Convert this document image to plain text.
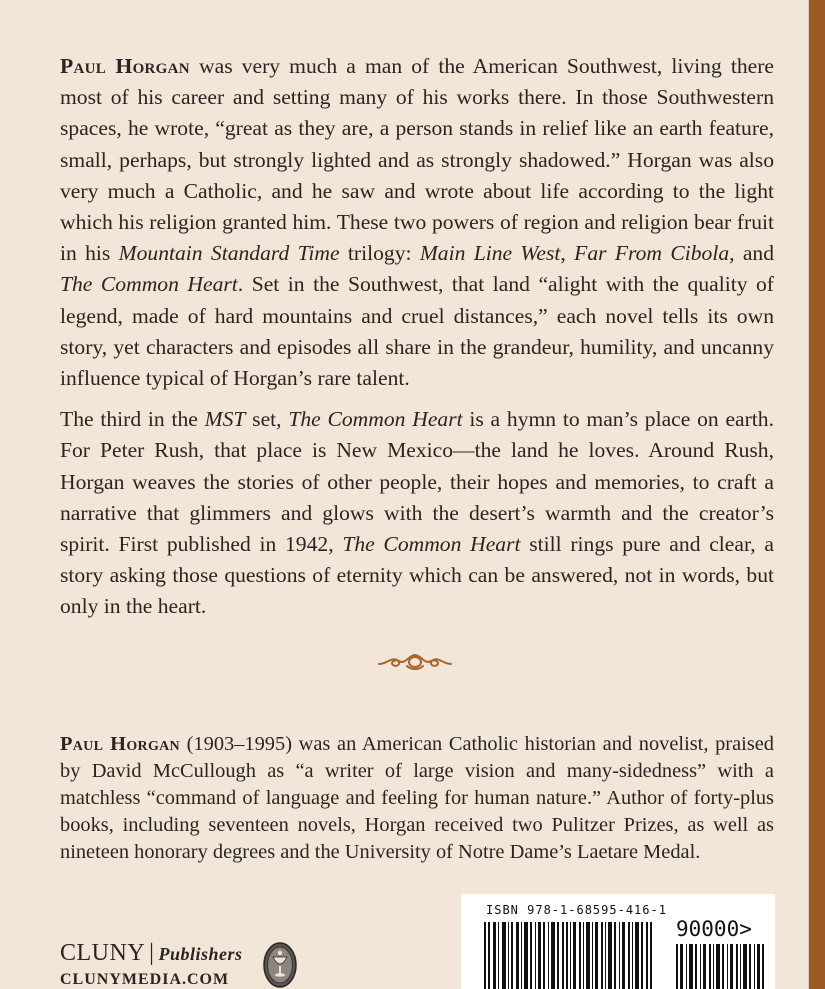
Paul Horgan was very much a man of the American Southwest, living there most of his career and setting many of his works there. In those Southwestern spaces, he wrote, “great as they are, a person stands in relief like an earth feature, small, perhaps, but strongly lighted and as strongly shadowed.” Horgan was also very much a Catholic, and he saw and wrote about life according to the light which his religion granted him. These two powers of region and religion bear fruit in his Mountain Standard Time trilogy: Main Line West, Far From Cibola, and The Common Heart. Set in the Southwest, that land “alight with the quality of legend, made of hard mountains and cruel distances,” each novel tells its own story, yet characters and episodes all share in the grandeur, humility, and uncanny influence typical of Horgan’s rare talent.

The third in the MST set, The Common Heart is a hymn to man’s place on earth. For Peter Rush, that place is New Mexico—the land he loves. Around Rush, Horgan weaves the stories of other people, their hopes and memories, to craft a narrative that glimmers and glows with the desert’s warmth and the creator’s spirit. First published in 1942, The Common Heart still rings pure and clear, a story asking those questions of eternity which can be answered, not in words, but only in the heart.

Paul Horgan (1903–1995) was an American Catholic historian and novelist, praised by David McCullough as “a writer of large vision and many-sidedness” with a matchless “command of language and feeling for human nature.” Author of forty-plus books, including seventeen novels, Horgan received two Pulitzer Prizes, as well as nineteen honorary degrees and the University of Notre Dame’s Laetare Medal.

CLUNY | Publishers
CLUNYMEDIA.COM
ISBN 978-1-68595-416-1
90000>
